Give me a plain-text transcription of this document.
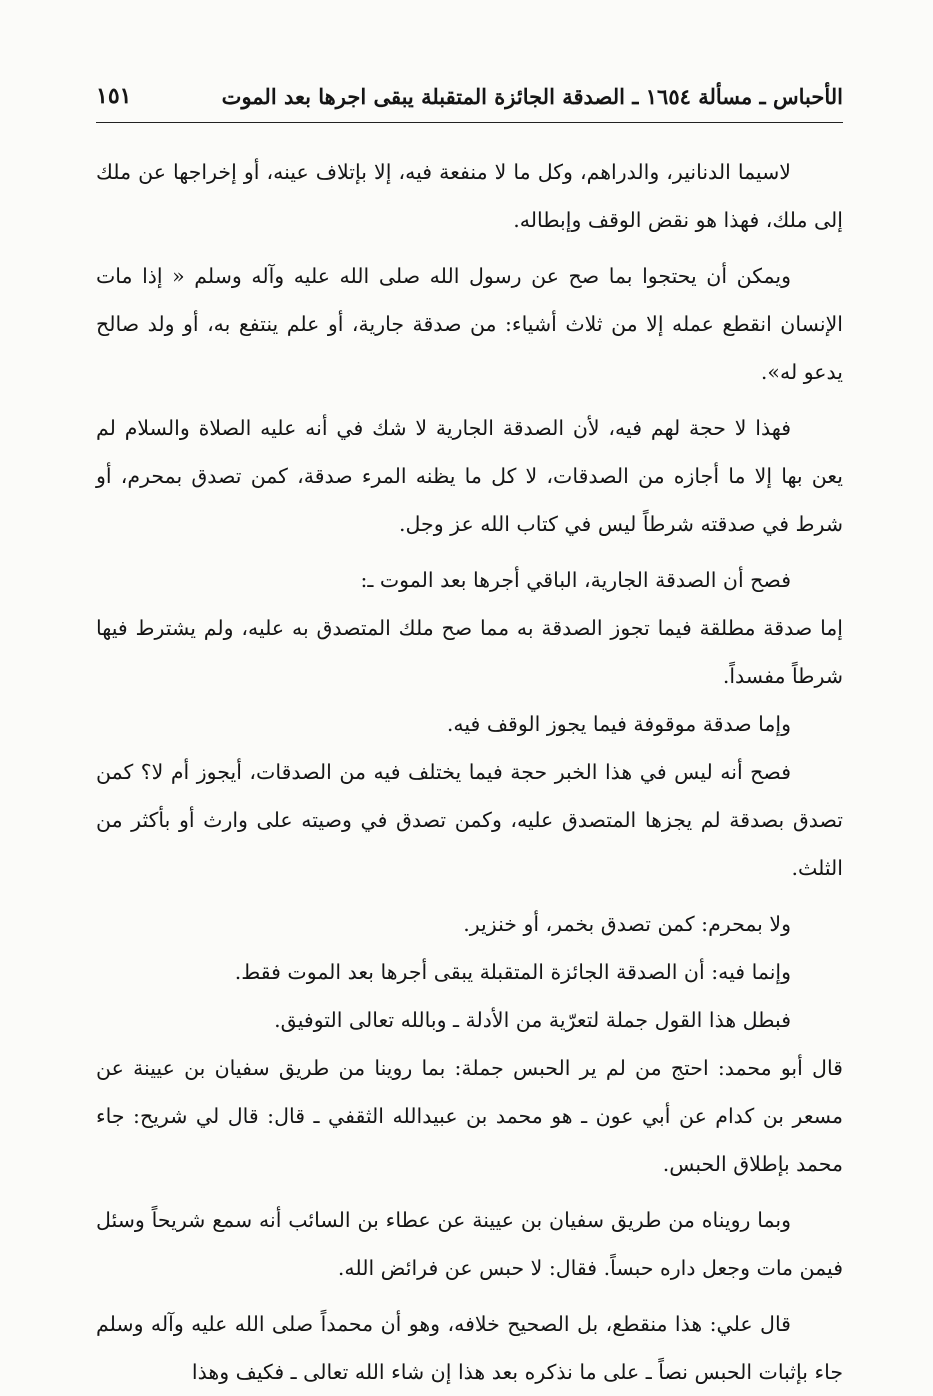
الأحباس ـ مسألة ١٦٥٤ ـ الصدقة الجائزة المتقبلة يبقى اجرها بعد الموت
١٥١

لاسيما الدنانير، والدراهم، وكل ما لا منفعة فيه، إلا بإتلاف عينه، أو إخراجها عن ملك إلى ملك، فهذا هو نقض الوقف وإبطاله.

ويمكن أن يحتجوا بما صح عن رسول الله صلى الله عليه وآله وسلم « إذا مات الإنسان انقطع عمله إلا من ثلاث أشياء: من صدقة جارية، أو علم ينتفع به، أو ولد صالح يدعو له».

فهذا لا حجة لهم فيه، لأن الصدقة الجارية لا شك في أنه عليه الصلاة والسلام لم يعن بها إلا ما أجازه من الصدقات، لا كل ما يظنه المرء صدقة، كمن تصدق بمحرم، أو شرط في صدقته شرطاً ليس في كتاب الله عز وجل.

فصح أن الصدقة الجارية، الباقي أجرها بعد الموت ـ:

إما صدقة مطلقة فيما تجوز الصدقة به مما صح ملك المتصدق به عليه، ولم يشترط فيها شرطاً مفسداً.

وإما صدقة موقوفة فيما يجوز الوقف فيه.

فصح أنه ليس في هذا الخبر حجة فيما يختلف فيه من الصدقات، أيجوز أم لا؟ كمن تصدق بصدقة لم يجزها المتصدق عليه، وكمن تصدق في وصيته على وارث أو بأكثر من الثلث.

ولا بمحرم: كمن تصدق بخمر، أو خنزير.

وإنما فيه: أن الصدقة الجائزة المتقبلة يبقى أجرها بعد الموت فقط.

فبطل هذا القول جملة لتعرّية من الأدلة ـ وبالله تعالى التوفيق.

قال أبو محمد: احتج من لم ير الحبس جملة: بما روينا من طريق سفيان بن عيينة عن مسعر بن كدام عن أبي عون ـ هو محمد بن عبيدالله الثقفي ـ قال: قال لي شريح: جاء محمد بإطلاق الحبس.

وبما رويناه من طريق سفيان بن عيينة عن عطاء بن السائب أنه سمع شريحاً وسئل فيمن مات وجعل داره حبساً. فقال: لا حبس عن فرائض الله.

قال علي: هذا منقطع، بل الصحيح خلافه، وهو أن محمداً صلى الله عليه وآله وسلم جاء بإثبات الحبس نصاً ـ على ما نذكره بعد هذا إن شاء الله تعالى ـ فكيف وهذا
